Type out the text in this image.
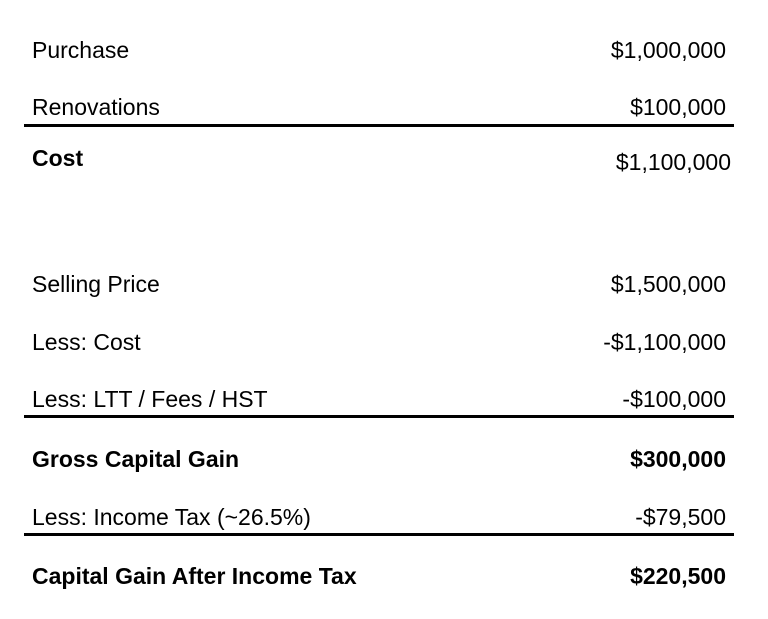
Purchase	$1,000,000
Renovations	$100,000
Cost	$1,100,000
Selling Price	$1,500,000
Less: Cost	-$1,100,000
Less: LTT / Fees / HST	-$100,000
Gross Capital Gain	$300,000
Less: Income Tax (~26.5%)	-$79,500
Capital Gain After Income Tax	$220,500
